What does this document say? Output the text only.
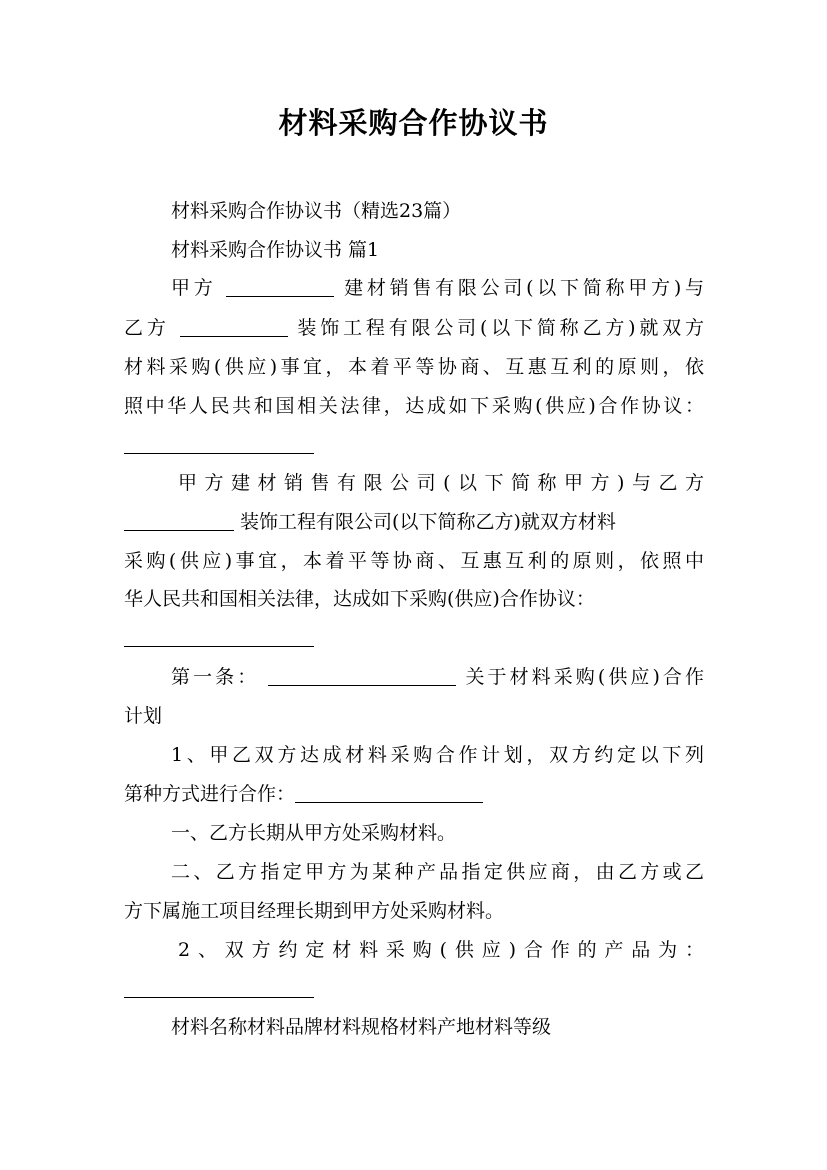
材料采购合作协议书
材料采购合作协议书（精选23篇）
材料采购合作协议书 篇1
甲方	建材销售有限公司(以下简称甲方)与
乙方	装饰工程有限公司(以下简称乙方)就双方
材料采购(供应)事宜，本着平等协商、互惠互利的原则，依
照中华人民共和国相关法律，达成如下采购(供应)合作协议：
甲方建材销售有限公司(以下简称甲方)与乙方
装饰工程有限公司(以下简称乙方)就双方材料
采购(供应)事宜，本着平等协商、互惠互利的原则，依照中
华人民共和国相关法律，达成如下采购(供应)合作协议：
第一条：	关于材料采购(供应)合作
计划
1、甲乙双方达成材料采购合作计划，双方约定以下列
第种方式进行合作：
一、乙方长期从甲方处采购材料。
二、乙方指定甲方为某种产品指定供应商，由乙方或乙
方下属施工项目经理长期到甲方处采购材料。
2、双方约定材料采购(供应)合作的产品为：
材料名称材料品牌材料规格材料产地材料等级
